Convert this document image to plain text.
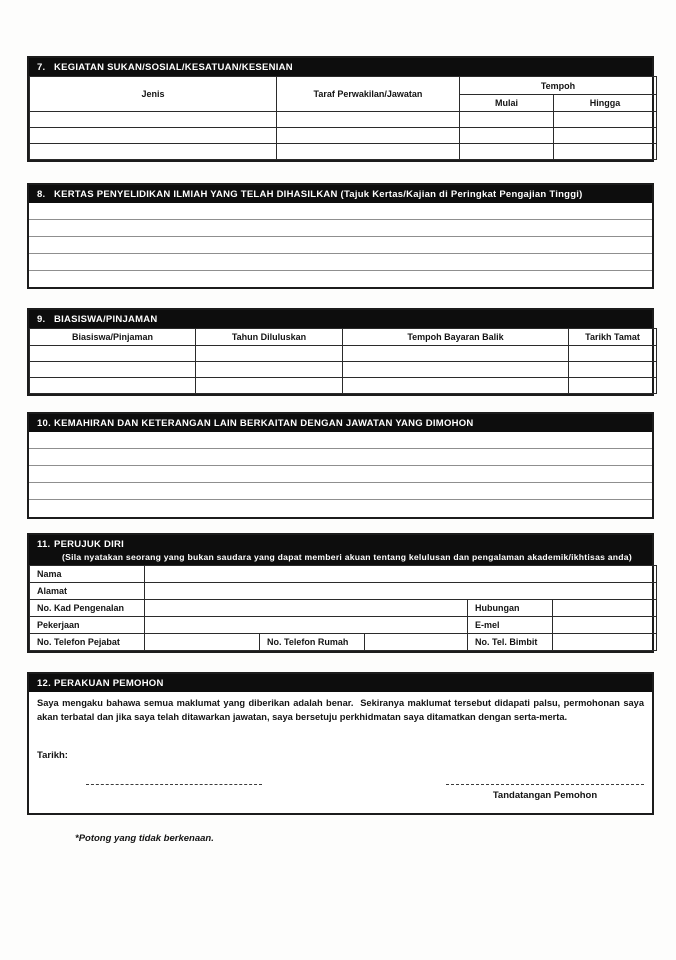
7. KEGIATAN SUKAN/SOSIAL/KESATUAN/KESENIAN
Jenis	Taraf Perwakilan/Jawatan	Tempoh	
		Mulai	Hingga

8. KERTAS PENYELIDIKAN ILMIAH YANG TELAH DIHASILKAN (Tajuk Kertas/Kajian di Peringkat Pengajian Tinggi)
9. BIASISWA/PINJAMAN
Biasiswa/Pinjaman	Tahun Diluluskan	Tempoh Bayaran Balik	Tarikh Tamat

10. KEMAHIRAN DAN KETERANGAN LAIN BERKAITAN DENGAN JAWATAN YANG DIMOHON
11. PERUJUK DIRI
(Sila nyatakan seorang yang bukan saudara yang dapat memberi akuan tentang kelulusan dan pengalaman akademik/ikhtisas anda)
Nama					
Alamat					
No. Kad Pengenalan				Hubungan	
Pekerjaan				E-mel	
No. Telefon Pejabat		No. Telefon Rumah		No. Tel. Bimbit	
12. PERAKUAN PEMOHON
Saya mengaku bahawa semua maklumat yang diberikan adalah benar.  Sekiranya maklumat tersebut didapati palsu, permohonan saya akan terbatal dan jika saya telah ditawarkan jawatan, saya bersetuju perkhidmatan saya ditamatkan dengan serta-merta.
Tarikh:
Tandatangan Pemohon
*Potong yang tidak berkenaan.
